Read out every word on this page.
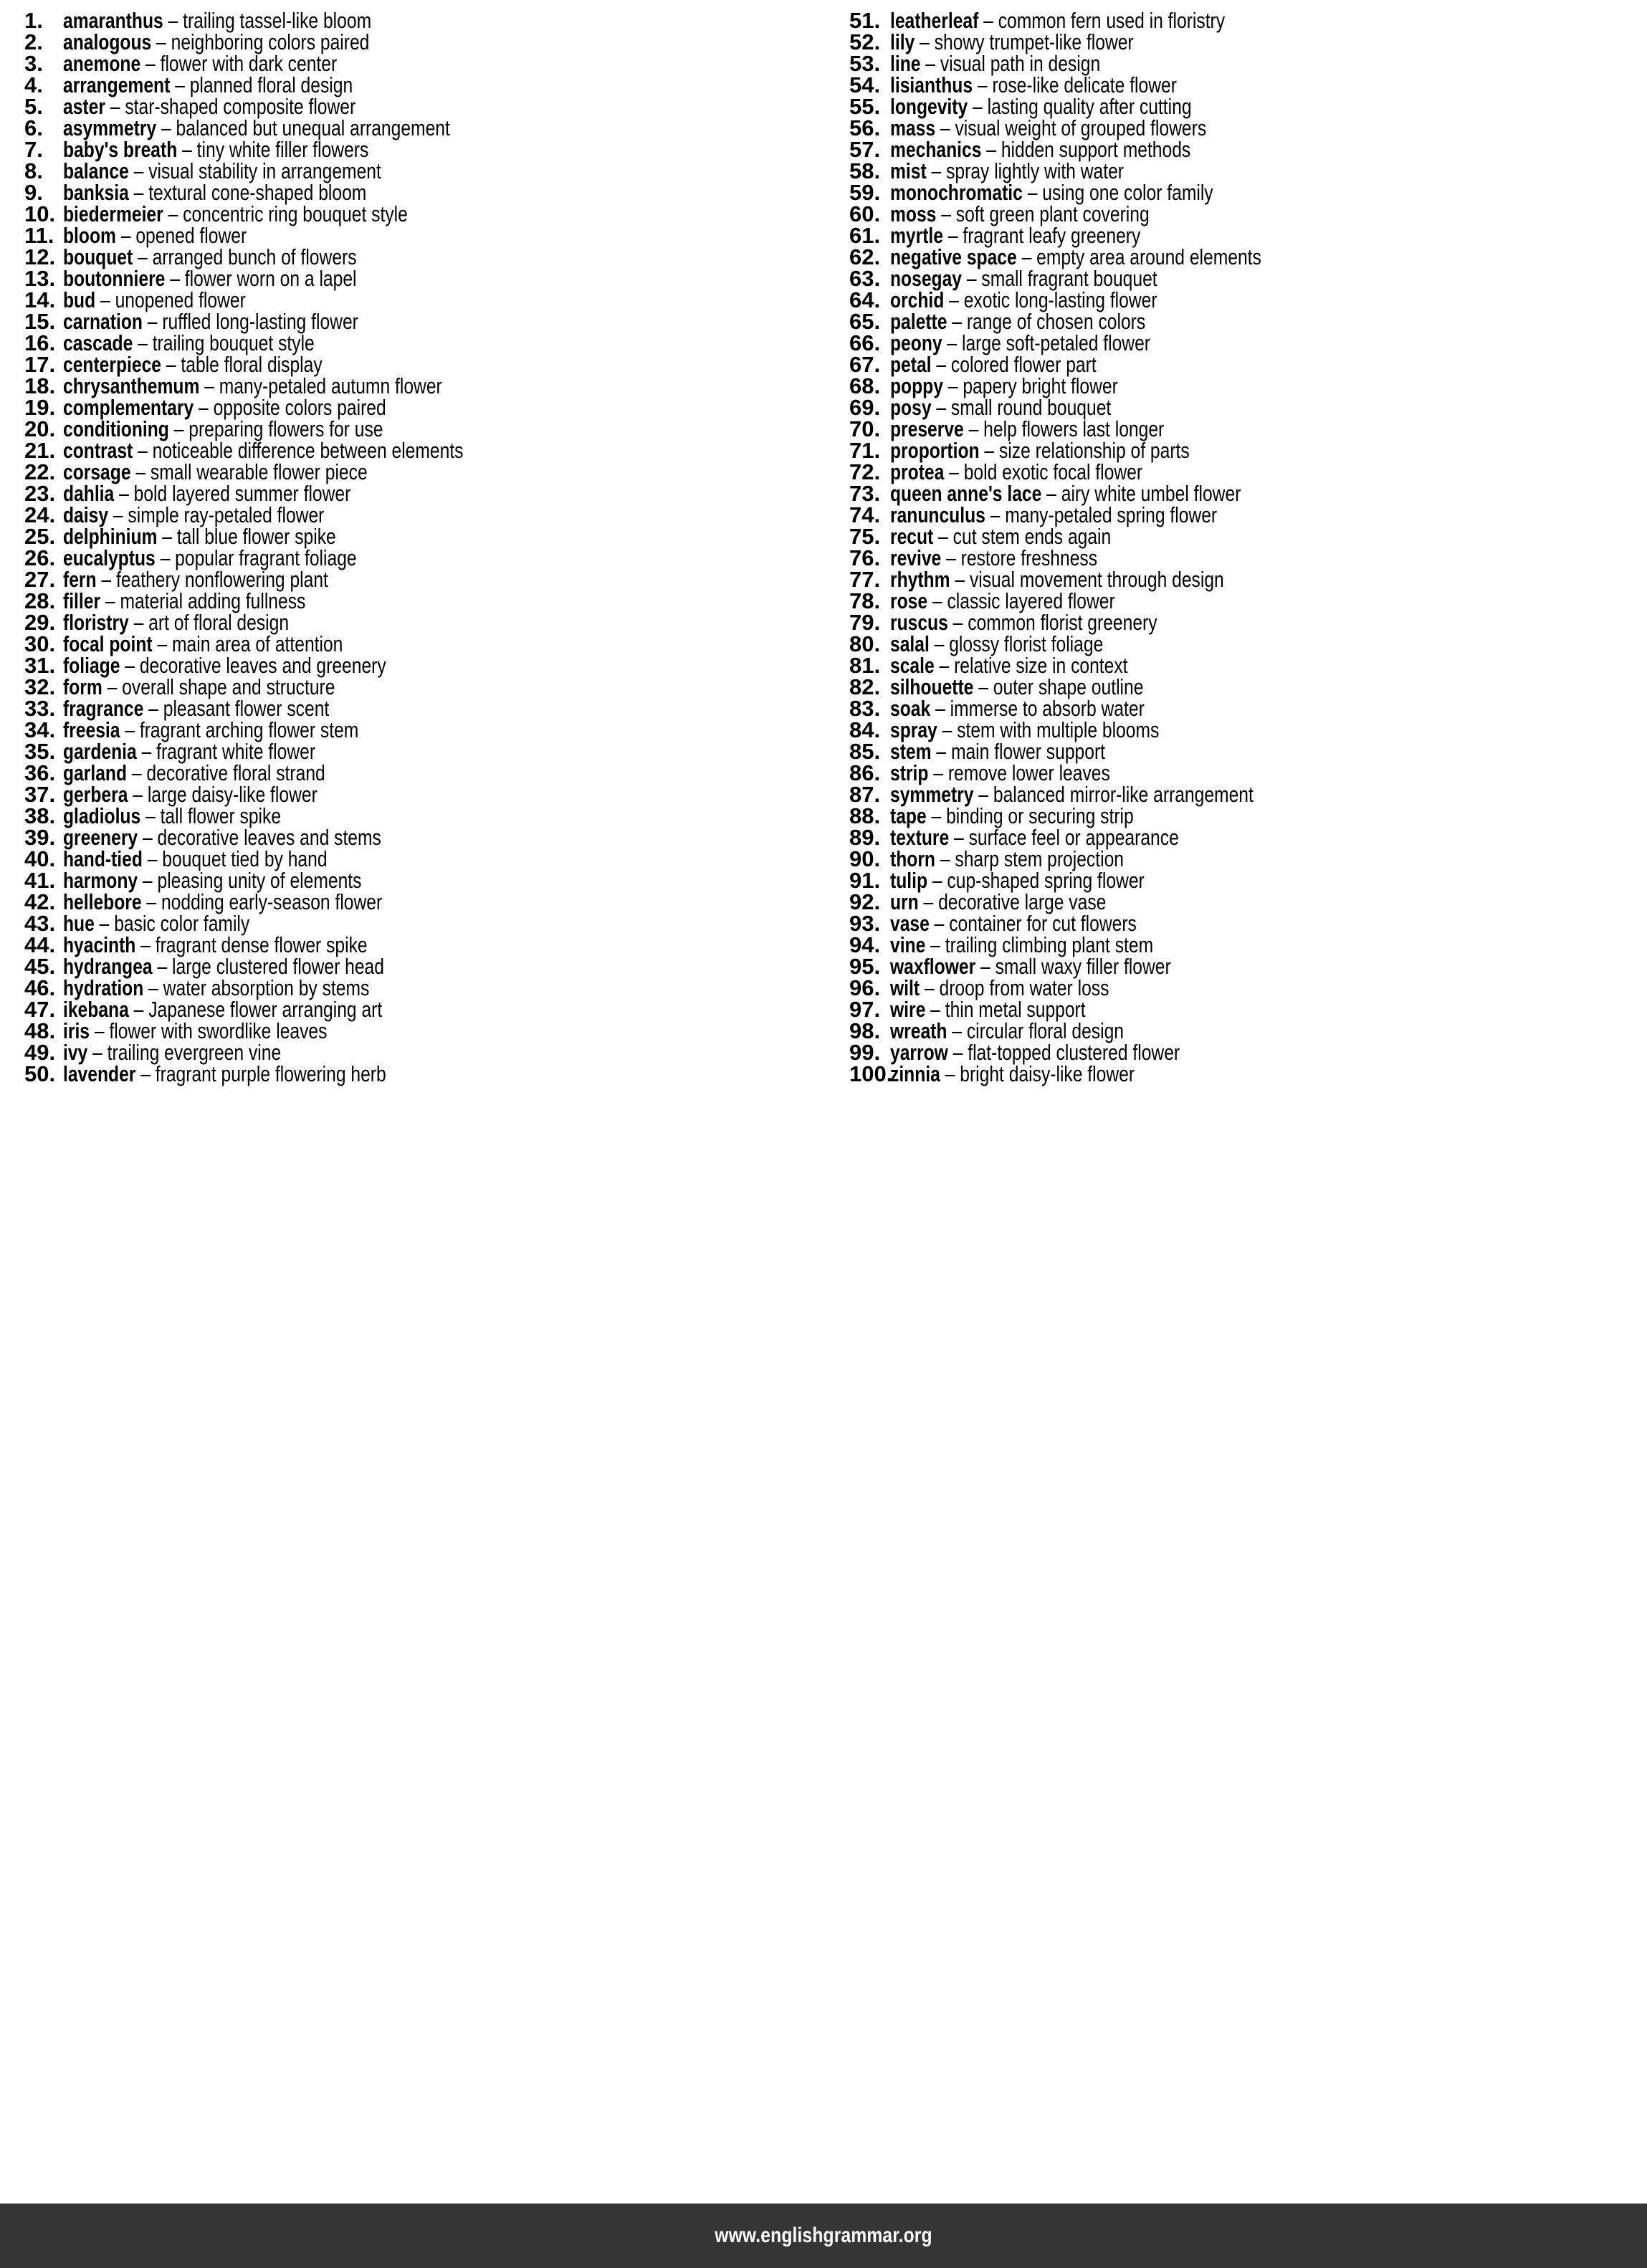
1. amaranthus – trailing tassel-like bloom
2. analogous – neighboring colors paired
3. anemone – flower with dark center
4. arrangement – planned floral design
5. aster – star-shaped composite flower
6. asymmetry – balanced but unequal arrangement
7. baby's breath – tiny white filler flowers
8. balance – visual stability in arrangement
9. banksia – textural cone-shaped bloom
10. biedermeier – concentric ring bouquet style
11. bloom – opened flower
12. bouquet – arranged bunch of flowers
13. boutonniere – flower worn on a lapel
14. bud – unopened flower
15. carnation – ruffled long-lasting flower
16. cascade – trailing bouquet style
17. centerpiece – table floral display
18. chrysanthemum – many-petaled autumn flower
19. complementary – opposite colors paired
20. conditioning – preparing flowers for use
21. contrast – noticeable difference between elements
22. corsage – small wearable flower piece
23. dahlia – bold layered summer flower
24. daisy – simple ray-petaled flower
25. delphinium – tall blue flower spike
26. eucalyptus – popular fragrant foliage
27. fern – feathery nonflowering plant
28. filler – material adding fullness
29. floristry – art of floral design
30. focal point – main area of attention
31. foliage – decorative leaves and greenery
32. form – overall shape and structure
33. fragrance – pleasant flower scent
34. freesia – fragrant arching flower stem
35. gardenia – fragrant white flower
36. garland – decorative floral strand
37. gerbera – large daisy-like flower
38. gladiolus – tall flower spike
39. greenery – decorative leaves and stems
40. hand-tied – bouquet tied by hand
41. harmony – pleasing unity of elements
42. hellebore – nodding early-season flower
43. hue – basic color family
44. hyacinth – fragrant dense flower spike
45. hydrangea – large clustered flower head
46. hydration – water absorption by stems
47. ikebana – Japanese flower arranging art
48. iris – flower with swordlike leaves
49. ivy – trailing evergreen vine
50. lavender – fragrant purple flowering herb
51. leatherleaf – common fern used in floristry
52. lily – showy trumpet-like flower
53. line – visual path in design
54. lisianthus – rose-like delicate flower
55. longevity – lasting quality after cutting
56. mass – visual weight of grouped flowers
57. mechanics – hidden support methods
58. mist – spray lightly with water
59. monochromatic – using one color family
60. moss – soft green plant covering
61. myrtle – fragrant leafy greenery
62. negative space – empty area around elements
63. nosegay – small fragrant bouquet
64. orchid – exotic long-lasting flower
65. palette – range of chosen colors
66. peony – large soft-petaled flower
67. petal – colored flower part
68. poppy – papery bright flower
69. posy – small round bouquet
70. preserve – help flowers last longer
71. proportion – size relationship of parts
72. protea – bold exotic focal flower
73. queen anne's lace – airy white umbel flower
74. ranunculus – many-petaled spring flower
75. recut – cut stem ends again
76. revive – restore freshness
77. rhythm – visual movement through design
78. rose – classic layered flower
79. ruscus – common florist greenery
80. salal – glossy florist foliage
81. scale – relative size in context
82. silhouette – outer shape outline
83. soak – immerse to absorb water
84. spray – stem with multiple blooms
85. stem – main flower support
86. strip – remove lower leaves
87. symmetry – balanced mirror-like arrangement
88. tape – binding or securing strip
89. texture – surface feel or appearance
90. thorn – sharp stem projection
91. tulip – cup-shaped spring flower
92. urn – decorative large vase
93. vase – container for cut flowers
94. vine – trailing climbing plant stem
95. waxflower – small waxy filler flower
96. wilt – droop from water loss
97. wire – thin metal support
98. wreath – circular floral design
99. yarrow – flat-topped clustered flower
100.
zinnia – bright daisy-like flower
www.englishgrammar.org
